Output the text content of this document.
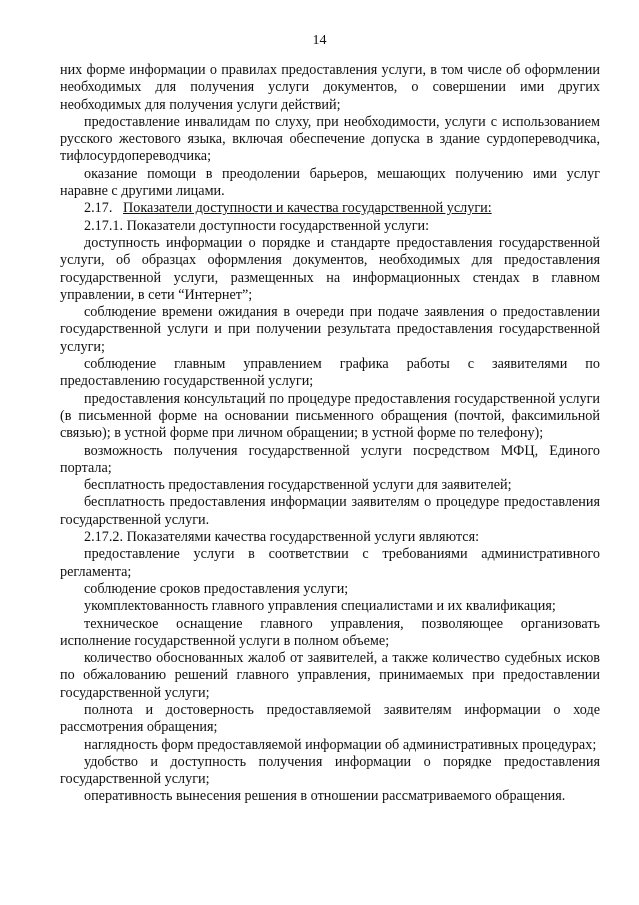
14

них форме информации о правилах предоставления услуги, в том числе об оформлении необходимых для получения услуги документов, о совершении ими других необходимых для получения услуги действий;

предоставление инвалидам по слуху, при необходимости, услуги с использованием русского жестового языка, включая обеспечение допуска в здание сурдопереводчика, тифлосурдопереводчика;

оказание помощи в преодолении барьеров, мешающих получению ими услуг наравне с другими лицами.

2.17. Показатели доступности и качества государственной услуги:

2.17.1. Показатели доступности государственной услуги:

доступность информации о порядке и стандарте предоставления государственной услуги, об образцах оформления документов, необходимых для предоставления государственной услуги, размещенных на информационных стендах в главном управлении, в сети “Интернет”;

соблюдение времени ожидания в очереди при подаче заявления о предоставлении государственной услуги и при получении результата предоставления государственной услуги;

соблюдение главным управлением графика работы с заявителями по предоставлению государственной услуги;

предоставления консультаций по процедуре предоставления государственной услуги (в письменной форме на основании письменного обращения (почтой, факсимильной связью); в устной форме при личном обращении; в устной форме по телефону);

возможность получения государственной услуги посредством МФЦ, Единого портала;

бесплатность предоставления государственной услуги для заявителей;

бесплатность предоставления информации заявителям о процедуре предоставления государственной услуги.

2.17.2. Показателями качества государственной услуги являются:

предоставление услуги в соответствии с требованиями административного регламента;

соблюдение сроков предоставления услуги;

укомплектованность главного управления специалистами и их квалификация;

техническое оснащение главного управления, позволяющее организовать исполнение государственной услуги в полном объеме;

количество обоснованных жалоб от заявителей, а также количество судебных исков по обжалованию решений главного управления, принимаемых при предоставлении государственной услуги;

полнота и достоверность предоставляемой заявителям информации о ходе рассмотрения обращения;

наглядность форм предоставляемой информации об административных процедурах;

удобство и доступность получения информации о порядке предоставления государственной услуги;

оперативность вынесения решения в отношении рассматриваемого обращения.
